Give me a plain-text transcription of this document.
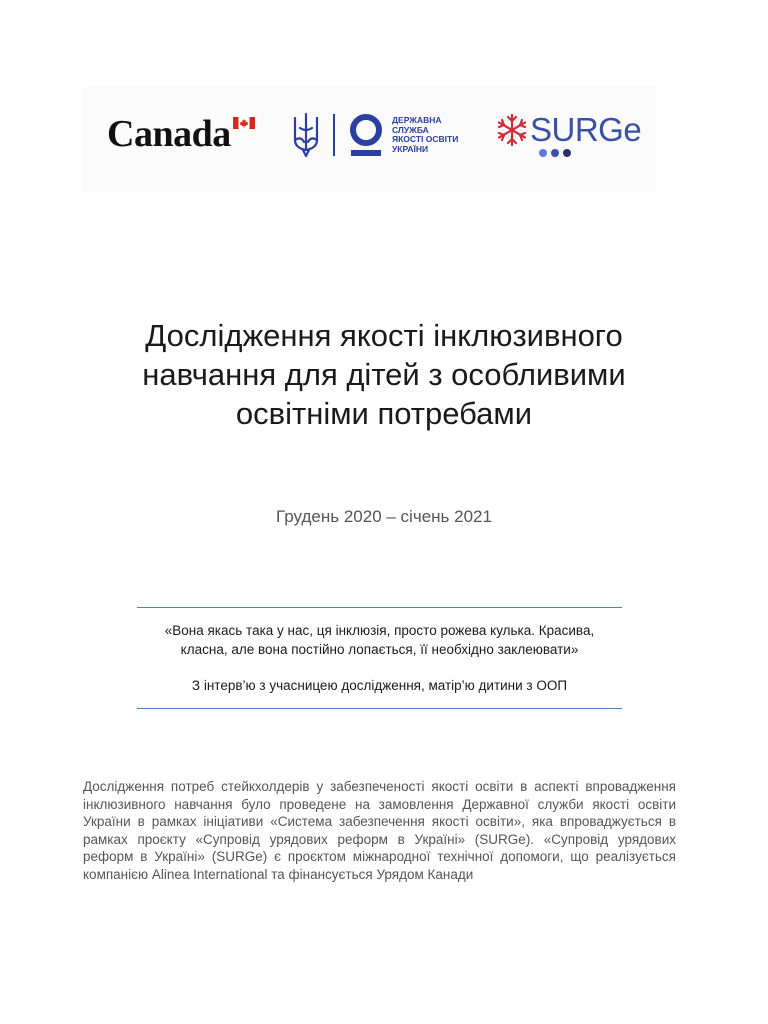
Canada	ДЕРЖАВНА
СЛУЖБА
ЯКОСТІ ОСВІТИ
УКРАЇНИ
SURGe
Дослідження якості інклюзивного
навчання для дітей з особливими
освітніми потребами
Грудень 2020 – січень 2021
«Вона якась така у нас, ця інклюзія, просто рожева кулька. Красива,
класна, але вона постійно лопається, її необхідно заклеювати»
З інтерв’ю з учасницею дослідження, матір’ю дитини з ООП
Дослідження потреб стейкхолдерів у забезпеченості якості освіти в аспекті впровадження інклюзивного навчання було проведене на замовлення Державної служби якості освіти України в рамках ініціативи «Система забезпечення якості освіти», яка впроваджується в рамках проєкту «Супровід урядових реформ в Україні» (SURGe). «Супровід урядових реформ в Україні» (SURGe) є проєктом міжнародної технічної допомоги, що реалізується компанією Alinea International та фінансується Урядом Канади
